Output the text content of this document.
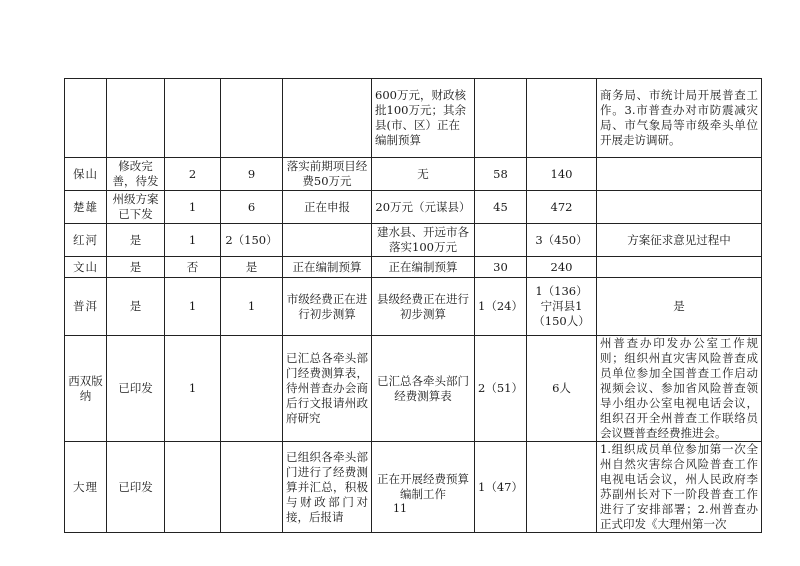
					600万元，财政核批100万元；其余县(市、区）正在编制预算			商务局、市统计局开展普查工作。3.市普查办对市防震减灾局、市气象局等市级牵头单位开展走访调研。
保山	修改完善，待发	2	9	落实前期项目经费50万元	无	58	140	
楚雄	州级方案已下发	1	6	正在申报	20万元（元谋县）	45	472	
红河	是	1	2（150）		建水县、开远市各落实100万元		3（450）	方案征求意见过程中
文山	是	否	是	正在编制预算	正在编制预算	30	240	
普洱	是	1	1	市级经费正在进行初步测算	县级经费正在进行初步测算	1（24）	1（136）宁洱县1（150人）	是
西双版纳	已印发	1		已汇总各牵头部门经费测算表，待州普查办会商后行文报请州政府研究	已汇总各牵头部门经费测算表	2（51）	6人	州普查办印发办公室工作规则；组织州直灾害风险普查成员单位参加全国普查工作启动视频会议、参加省风险普查领导小组办公室电视电话会议，组织召开全州普查工作联络员会议暨普查经费推进会。
大理	已印发			已组织各牵头部门进行了经费测算并汇总，积极与财政部门对接，后报请	正在开展经费预算编制工作	1（47）		1.组织成员单位参加第一次全州自然灾害综合风险普查工作电视电话会议，州人民政府李苏副州长对下一阶段普查工作进行了安排部署；2.州普查办正式印发《大理州第一次
11
